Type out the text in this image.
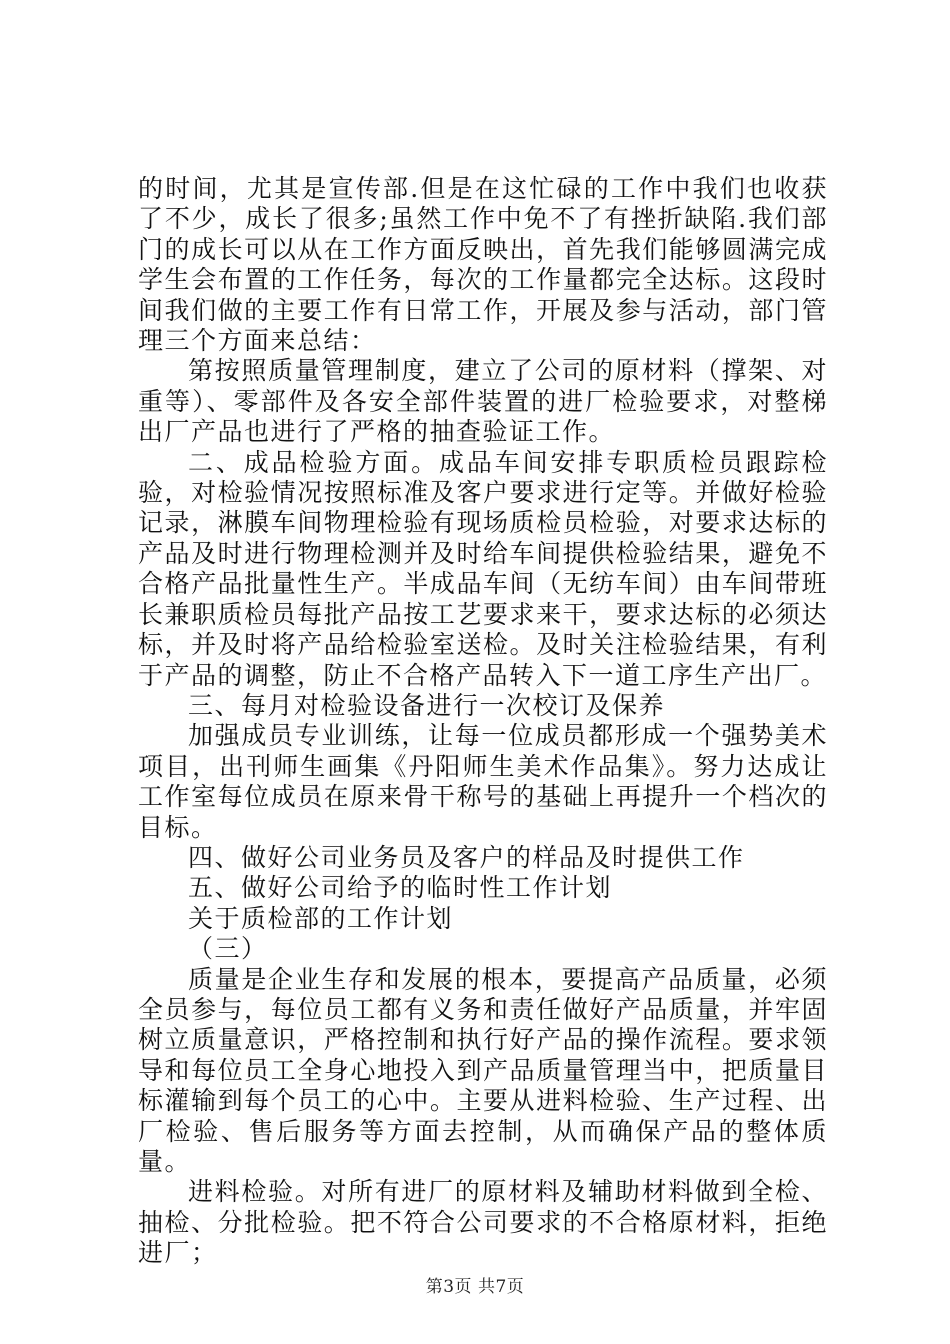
的时间，尤其是宣传部.但是在这忙碌的工作中我们也收获了不少，成长了很多;虽然工作中免不了有挫折缺陷.我们部门的成长可以从在工作方面反映出，首先我们能够圆满完成学生会布置的工作任务，每次的工作量都完全达标。这段时间我们做的主要工作有日常工作，开展及参与活动，部门管理三个方面来总结：

第按照质量管理制度，建立了公司的原材料（撑架、对重等）、零部件及各安全部件装置的进厂检验要求，对整梯出厂产品也进行了严格的抽查验证工作。

二、成品检验方面。成品车间安排专职质检员跟踪检验，对检验情况按照标准及客户要求进行定等。并做好检验记录，淋膜车间物理检验有现场质检员检验，对要求达标的产品及时进行物理检测并及时给车间提供检验结果，避免不合格产品批量性生产。半成品车间（无纺车间）由车间带班长兼职质检员每批产品按工艺要求来干，要求达标的必须达标，并及时将产品给检验室送检。及时关注检验结果，有利于产品的调整，防止不合格产品转入下一道工序生产出厂。

三、每月对检验设备进行一次校订及保养

加强成员专业训练，让每一位成员都形成一个强势美术项目，出刊师生画集《丹阳师生美术作品集》。努力达成让工作室每位成员在原来骨干称号的基础上再提升一个档次的目标。

四、做好公司业务员及客户的样品及时提供工作

五、做好公司给予的临时性工作计划

关于质检部的工作计划

（三）

质量是企业生存和发展的根本，要提高产品质量，必须全员参与，每位员工都有义务和责任做好产品质量，并牢固树立质量意识，严格控制和执行好产品的操作流程。要求领导和每位员工全身心地投入到产品质量管理当中，把质量目标灌输到每个员工的心中。主要从进料检验、生产过程、出厂检验、售后服务等方面去控制，从而确保产品的整体质量。

进料检验。对所有进厂的原材料及辅助材料做到全检、抽检、分批检验。把不符合公司要求的不合格原材料，拒绝进厂；

第3页 共7页
